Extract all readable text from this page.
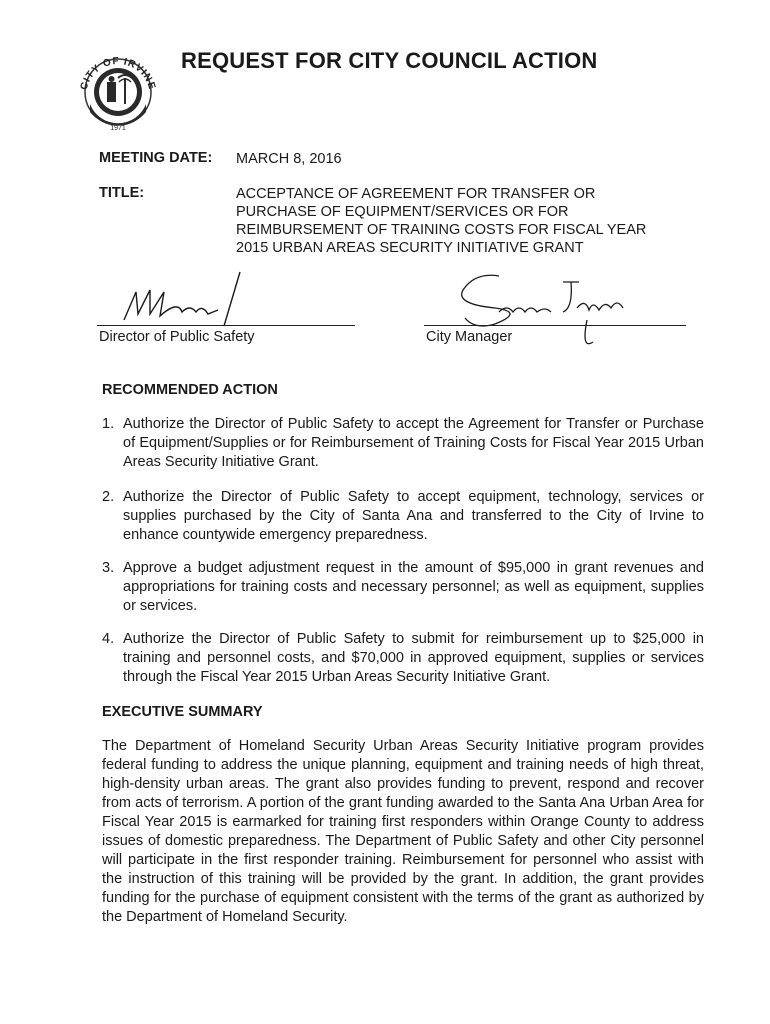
CITY OF IRVINE
1971
REQUEST FOR CITY COUNCIL ACTION
MEETING DATE: MARCH 8, 2016
TITLE:	ACCEPTANCE OF AGREEMENT FOR TRANSFER OR PURCHASE OF EQUIPMENT/SERVICES OR FOR REIMBURSEMENT OF TRAINING COSTS FOR FISCAL YEAR 2015 URBAN AREAS SECURITY INITIATIVE GRANT
Director of Public Safety	City Manager
RECOMMENDED ACTION
1. Authorize the Director of Public Safety to accept the Agreement for Transfer or Purchase of Equipment/Supplies or for Reimbursement of Training Costs for Fiscal Year 2015 Urban Areas Security Initiative Grant.
2. Authorize the Director of Public Safety to accept equipment, technology, services or supplies purchased by the City of Santa Ana and transferred to the City of Irvine to enhance countywide emergency preparedness.
3. Approve a budget adjustment request in the amount of $95,000 in grant revenues and appropriations for training costs and necessary personnel; as well as equipment, supplies or services.
4. Authorize the Director of Public Safety to submit for reimbursement up to $25,000 in training and personnel costs, and $70,000 in approved equipment, supplies or services through the Fiscal Year 2015 Urban Areas Security Initiative Grant.
EXECUTIVE SUMMARY
The Department of Homeland Security Urban Areas Security Initiative program provides federal funding to address the unique planning, equipment and training needs of high threat, high-density urban areas. The grant also provides funding to prevent, respond and recover from acts of terrorism. A portion of the grant funding awarded to the Santa Ana Urban Area for Fiscal Year 2015 is earmarked for training first responders within Orange County to address issues of domestic preparedness. The Department of Public Safety and other City personnel will participate in the first responder training. Reimbursement for personnel who assist with the instruction of this training will be provided by the grant. In addition, the grant provides funding for the purchase of equipment consistent with the terms of the grant as authorized by the Department of Homeland Security.
